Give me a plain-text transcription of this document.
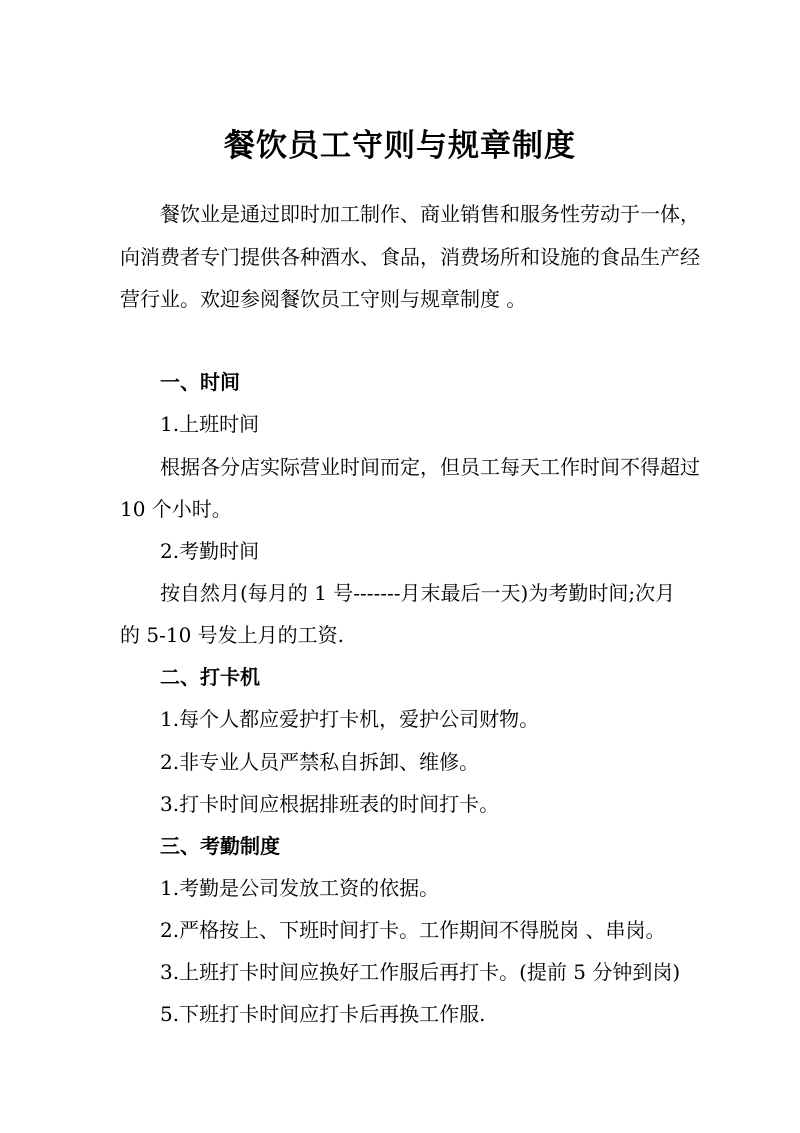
餐饮员工守则与规章制度

餐饮业是通过即时加工制作、商业销售和服务性劳动于一体，

向消费者专门提供各种酒水、食品，消费场所和设施的食品生产经

营行业。欢迎参阅餐饮员工守则与规章制度 。

一、时间

1.上班时间

根据各分店实际营业时间而定，但员工每天工作时间不得超过

10 个小时。

2.考勤时间

按自然月(每月的 1 号-------月末最后一天)为考勤时间;次月

的 5-10 号发上月的工资.

二、打卡机

1.每个人都应爱护打卡机，爱护公司财物。

2.非专业人员严禁私自拆卸、维修。

3.打卡时间应根据排班表的时间打卡。

三、考勤制度

1.考勤是公司发放工资的依据。

2.严格按上、下班时间打卡。工作期间不得脱岗 、串岗。

3.上班打卡时间应换好工作服后再打卡。(提前 5 分钟到岗)

5.下班打卡时间应打卡后再换工作服.
